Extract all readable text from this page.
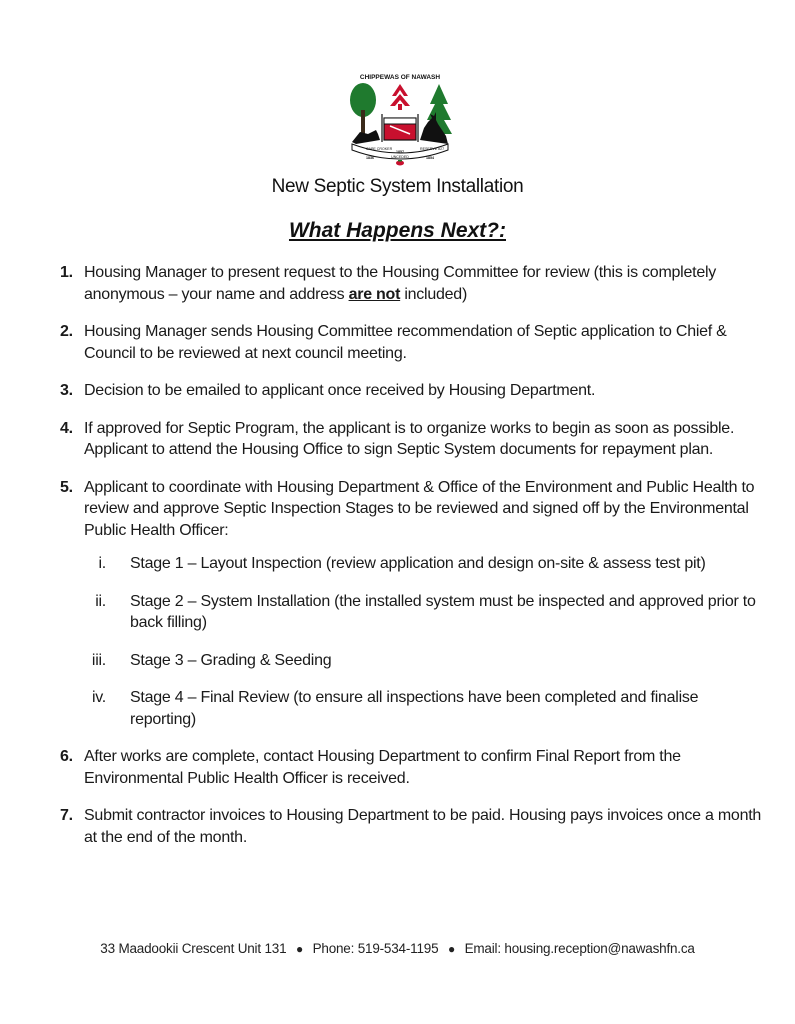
CHIPPEWAS OF NAWASH
CAPE CROKER
UNCEDED
RESERVE #27
1836
1857
1854
New Septic System Installation
What Happens Next?:
1. Housing Manager to present request to the Housing Committee for review (this is completely anonymous – your name and address are not included)
2. Housing Manager sends Housing Committee recommendation of Septic application to Chief & Council to be reviewed at next council meeting.
3. Decision to be emailed to applicant once received by Housing Department.
4. If approved for Septic Program, the applicant is to organize works to begin as soon as possible. Applicant to attend the Housing Office to sign Septic System documents for repayment plan.
5. Applicant to coordinate with Housing Department & Office of the Environment and Public Health to review and approve Septic Inspection Stages to be reviewed and signed off by the Environmental Public Health Officer:
i. Stage 1 – Layout Inspection (review application and design on-site & assess test pit)
ii. Stage 2 – System Installation (the installed system must be inspected and approved prior to back filling)
iii. Stage 3 – Grading & Seeding
iv. Stage 4 – Final Review (to ensure all inspections have been completed and finalise reporting)
6. After works are complete, contact Housing Department to confirm Final Report from the Environmental Public Health Officer is received.
7. Submit contractor invoices to Housing Department to be paid. Housing pays invoices once a month at the end of the month.
33 Maadookii Crescent Unit 131 ● Phone: 519-534-1195 ● Email: housing.reception@nawashfn.ca
